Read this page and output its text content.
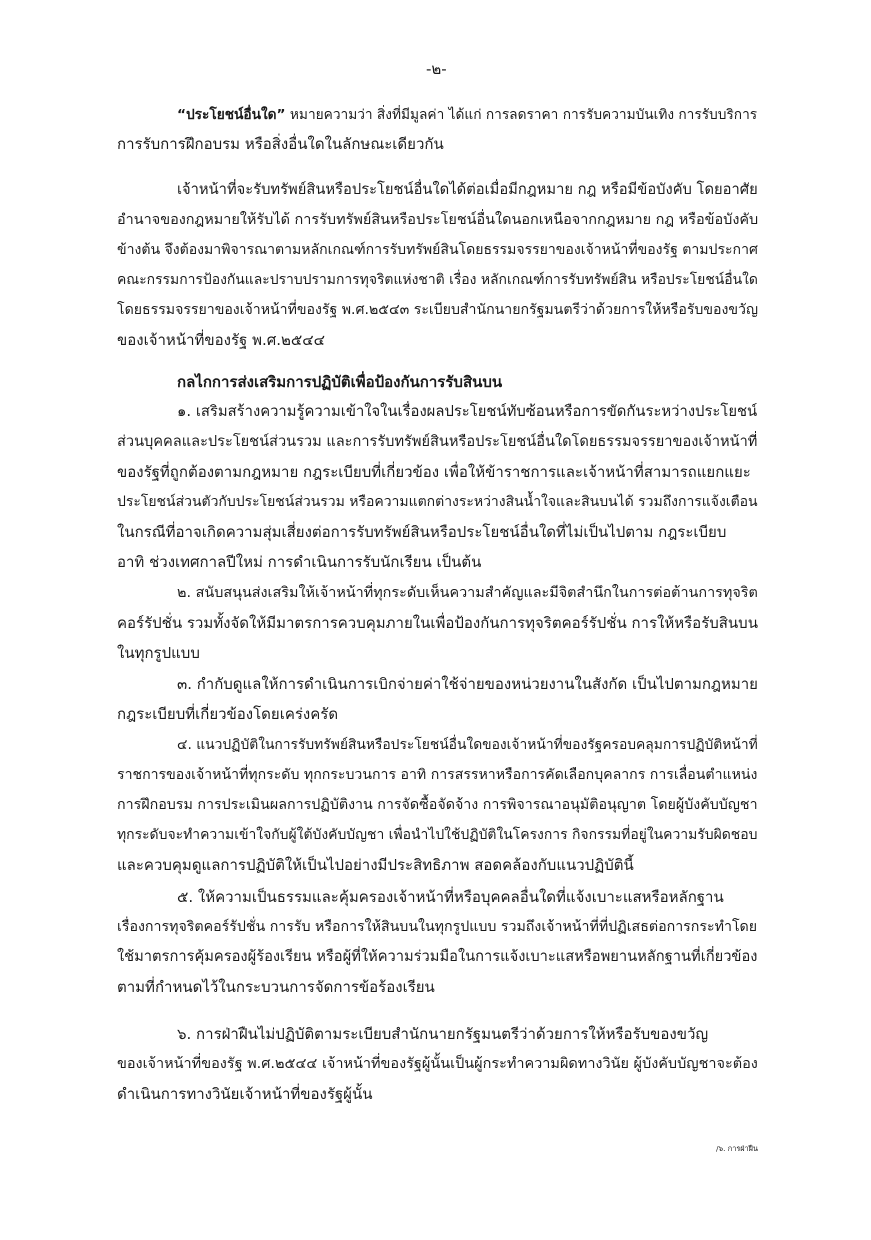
-๒-

“ประโยชน์อื่นใด” หมายความว่า สิ่งที่มีมูลค่า ได้แก่ การลดราคา การรับความบันเทิง การรับบริการ

การรับการฝึกอบรม หรือสิ่งอื่นใดในลักษณะเดียวกัน

เจ้าหน้าที่จะรับทรัพย์สินหรือประโยชน์อื่นใดได้ต่อเมื่อมีกฎหมาย กฎ หรือมีข้อบังคับ โดยอาศัย

อำนาจของกฎหมายให้รับได้ การรับทรัพย์สินหรือประโยชน์อื่นใดนอกเหนือจากกฎหมาย กฎ หรือข้อบังคับ

ข้างต้น จึงต้องมาพิจารณาตามหลักเกณฑ์การรับทรัพย์สินโดยธรรมจรรยาของเจ้าหน้าที่ของรัฐ ตามประกาศ

คณะกรรมการป้องกันและปราบปรามการทุจริตแห่งชาติ เรื่อง หลักเกณฑ์การรับทรัพย์สิน หรือประโยชน์อื่นใด

โดยธรรมจรรยาของเจ้าหน้าที่ของรัฐ พ.ศ.๒๕๔๓ ระเบียบสำนักนายกรัฐมนตรีว่าด้วยการให้หรือรับของขวัญ

ของเจ้าหน้าที่ของรัฐ พ.ศ.๒๕๔๔

กลไกการส่งเสริมการปฏิบัติเพื่อป้องกันการรับสินบน

๑. เสริมสร้างความรู้ความเข้าใจในเรื่องผลประโยชน์ทับซ้อนหรือการขัดกันระหว่างประโยชน์

ส่วนบุคคลและประโยชน์ส่วนรวม และการรับทรัพย์สินหรือประโยชน์อื่นใดโดยธรรมจรรยาของเจ้าหน้าที่

ของรัฐที่ถูกต้องตามกฎหมาย กฎระเบียบที่เกี่ยวข้อง เพื่อให้ข้าราชการและเจ้าหน้าที่สามารถแยกแยะ

ประโยชน์ส่วนตัวกับประโยชน์ส่วนรวม หรือความแตกต่างระหว่างสินน้ำใจและสินบนได้ รวมถึงการแจ้งเตือน

ในกรณีที่อาจเกิดความสุ่มเสี่ยงต่อการรับทรัพย์สินหรือประโยชน์อื่นใดที่ไม่เป็นไปตาม กฎระเบียบ

อาทิ ช่วงเทศกาลปีใหม่ การดำเนินการรับนักเรียน เป็นต้น

๒. สนับสนุนส่งเสริมให้เจ้าหน้าที่ทุกระดับเห็นความสำคัญและมีจิตสำนึกในการต่อต้านการทุจริต

คอร์รัปชั่น รวมทั้งจัดให้มีมาตรการควบคุมภายในเพื่อป้องกันการทุจริตคอร์รัปชั่น การให้หรือรับสินบน

ในทุกรูปแบบ

๓. กำกับดูแลให้การดำเนินการเบิกจ่ายค่าใช้จ่ายของหน่วยงานในสังกัด เป็นไปตามกฎหมาย

กฎระเบียบที่เกี่ยวข้องโดยเคร่งครัด

๔. แนวปฏิบัติในการรับทรัพย์สินหรือประโยชน์อื่นใดของเจ้าหน้าที่ของรัฐครอบคลุมการปฏิบัติหน้าที่

ราชการของเจ้าหน้าที่ทุกระดับ ทุกกระบวนการ อาทิ การสรรหาหรือการคัดเลือกบุคลากร การเลื่อนตำแหน่ง

การฝึกอบรม การประเมินผลการปฏิบัติงาน การจัดซื้อจัดจ้าง การพิจารณาอนุมัติอนุญาต โดยผู้บังคับบัญชา

ทุกระดับจะทำความเข้าใจกับผู้ใต้บังคับบัญชา เพื่อนำไปใช้ปฏิบัติในโครงการ กิจกรรมที่อยู่ในความรับผิดชอบ

และควบคุมดูแลการปฏิบัติให้เป็นไปอย่างมีประสิทธิภาพ สอดคล้องกับแนวปฏิบัตินี้

๕. ให้ความเป็นธรรมและคุ้มครองเจ้าหน้าที่หรือบุคคลอื่นใดที่แจ้งเบาะแสหรือหลักฐาน

เรื่องการทุจริตคอร์รัปชั่น การรับ หรือการให้สินบนในทุกรูปแบบ รวมถึงเจ้าหน้าที่ที่ปฏิเสธต่อการกระทำโดย

ใช้มาตรการคุ้มครองผู้ร้องเรียน หรือผู้ที่ให้ความร่วมมือในการแจ้งเบาะแสหรือพยานหลักฐานที่เกี่ยวข้อง

ตามที่กำหนดไว้ในกระบวนการจัดการข้อร้องเรียน

๖. การฝ่าฝืนไม่ปฏิบัติตามระเบียบสำนักนายกรัฐมนตรีว่าด้วยการให้หรือรับของขวัญ

ของเจ้าหน้าที่ของรัฐ พ.ศ.๒๕๔๔ เจ้าหน้าที่ของรัฐผู้นั้นเป็นผู้กระทำความผิดทางวินัย ผู้บังคับบัญชาจะต้อง

ดำเนินการทางวินัยเจ้าหน้าที่ของรัฐผู้นั้น

/๖. การฝ่าฝืน
